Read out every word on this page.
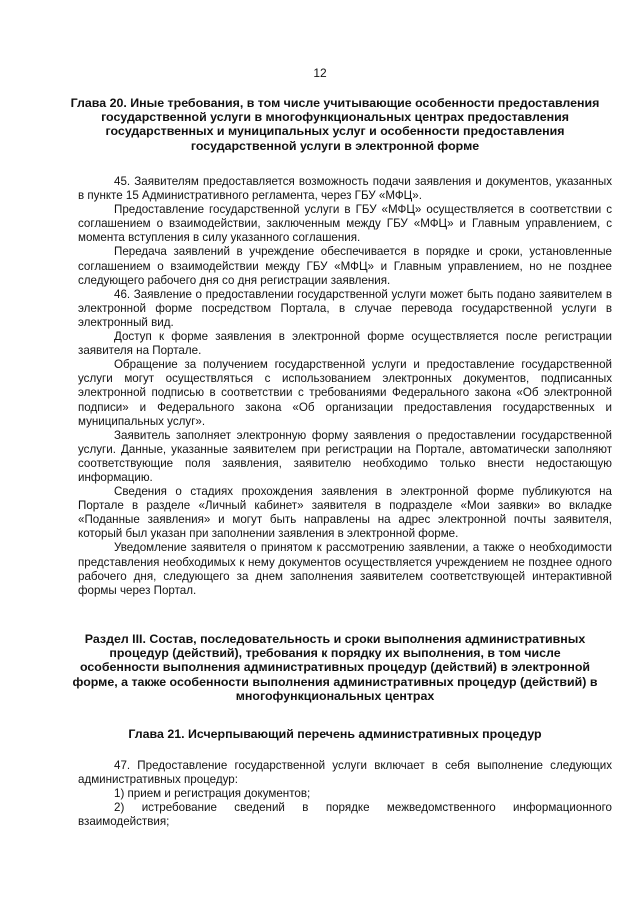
12
Глава 20. Иные требования, в том числе учитывающие особенности предоставления государственной услуги в многофункциональных центрах предоставления государственных и муниципальных услуг и особенности предоставления государственной услуги в электронной форме

45. Заявителям предоставляется возможность подачи заявления и документов, указанных в пункте 15 Административного регламента, через ГБУ «МФЦ».

Предоставление государственной услуги в ГБУ «МФЦ» осуществляется в соответствии с соглашением о взаимодействии, заключенным между ГБУ «МФЦ» и Главным управлением, с момента вступления в силу указанного соглашения.

Передача заявлений в учреждение обеспечивается в порядке и сроки, установленные соглашением о взаимодействии между ГБУ «МФЦ» и Главным управлением, но не позднее следующего рабочего дня со дня регистрации заявления.

46. Заявление о предоставлении государственной услуги может быть подано заявителем в электронной форме посредством Портала, в случае перевода государственной услуги в электронный вид.

Доступ к форме заявления в электронной форме осуществляется после регистрации заявителя на Портале.

Обращение за получением государственной услуги и предоставление государственной услуги могут осуществляться с использованием электронных документов, подписанных электронной подписью в соответствии с требованиями Федерального закона «Об электронной подписи» и Федерального закона «Об организации предоставления государственных и муниципальных услуг».

Заявитель заполняет электронную форму заявления о предоставлении государственной услуги. Данные, указанные заявителем при регистрации на Портале, автоматически заполняют соответствующие поля заявления, заявителю необходимо только внести недостающую информацию.

Сведения о стадиях прохождения заявления в электронной форме публикуются на Портале в разделе «Личный кабинет» заявителя в подразделе «Мои заявки» во вкладке «Поданные заявления» и могут быть направлены на адрес электронной почты заявителя, который был указан при заполнении заявления в электронной форме.

Уведомление заявителя о принятом к рассмотрению заявлении, а также о необходимости представления необходимых к нему документов осуществляется учреждением не позднее одного рабочего дня, следующего за днем заполнения заявителем соответствующей интерактивной формы через Портал.

Раздел III. Состав, последовательность и сроки выполнения административных процедур (действий), требования к порядку их выполнения, в том числе особенности выполнения административных процедур (действий) в электронной форме, а также особенности выполнения административных процедур (действий) в многофункциональных центрах
Глава 21. Исчерпывающий перечень административных процедур

47. Предоставление государственной услуги включает в себя выполнение следующих административных процедур:

1) прием и регистрация документов;

2) истребование сведений в порядке межведомственного информационного взаимодействия;
